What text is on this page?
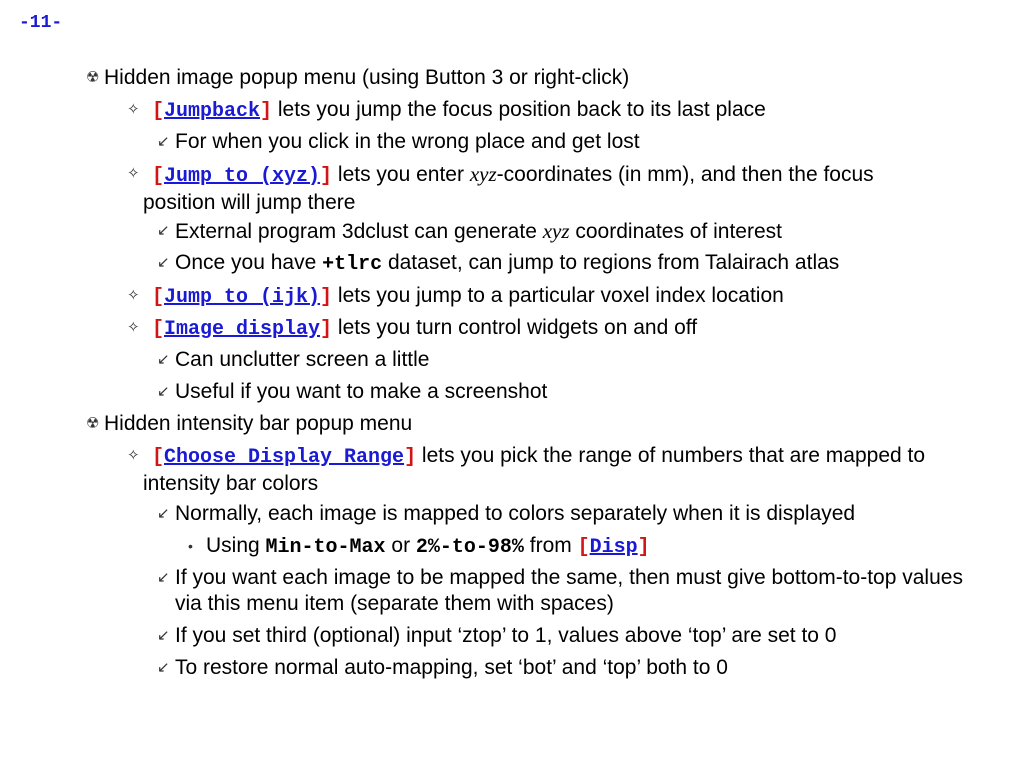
-11-
☢ Hidden image popup menu (using Button 3 or right-click)
✧ [Jumpback] lets you jump the focus position back to its last place
↙ For when you click in the wrong place and get lost
✧ [Jump to (xyz)] lets you enter xyz-coordinates (in mm), and then the focus position will jump there
↙ External program 3dclust can generate xyz coordinates of interest
↙ Once you have +tlrc dataset, can jump to regions from Talairach atlas
✧ [Jump to (ijk)] lets you jump to a particular voxel index location
✧ [Image display] lets you turn control widgets on and off
↙ Can unclutter screen a little
↙ Useful if you want to make a screenshot
☢ Hidden intensity bar popup menu
✧ [Choose Display Range] lets you pick the range of numbers that are mapped to intensity bar colors
↙ Normally, each image is mapped to colors separately when it is displayed
• Using Min-to-Max or 2%-to-98% from [Disp]
↙ If you want each image to be mapped the same, then must give bottom-to-top values via this menu item (separate them with spaces)
↙ If you set third (optional) input ‘ztop’ to 1, values above ‘top’ are set to 0
↙ To restore normal auto-mapping, set ‘bot’ and ‘top’ both to 0
